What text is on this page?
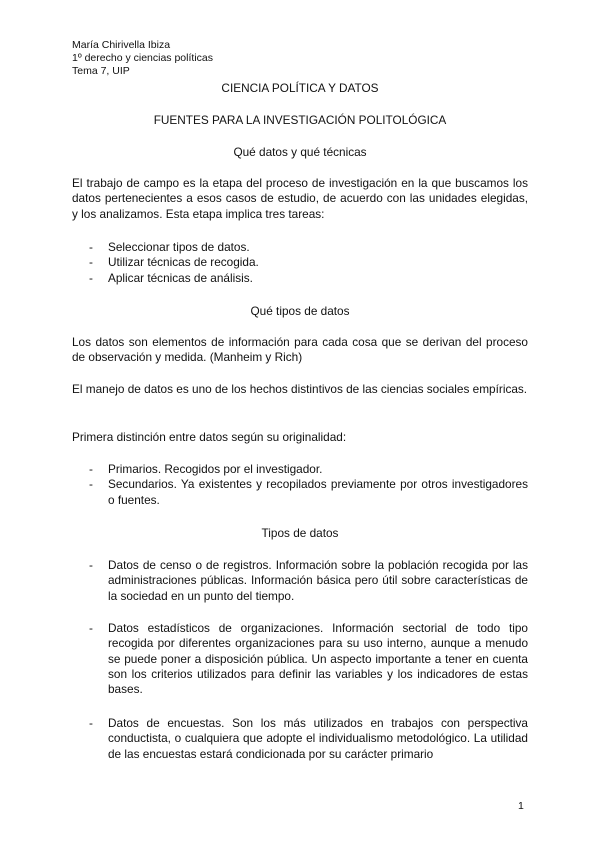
María Chirivella Ibiza
1º derecho y ciencias políticas
Tema 7, UIP
CIENCIA POLÍTICA Y DATOS
FUENTES PARA LA INVESTIGACIÓN POLITOLÓGICA
Qué datos y qué técnicas

El trabajo de campo es la etapa del proceso de investigación en la que buscamos los datos pertenecientes a esos casos de estudio, de acuerdo con las unidades elegidas, y los analizamos. Esta etapa implica tres tareas:

- Seleccionar tipos de datos.
- Utilizar técnicas de recogida.
- Aplicar técnicas de análisis.
Qué tipos de datos

Los datos son elementos de información para cada cosa que se derivan del proceso de observación y medida. (Manheim y Rich)

El manejo de datos es uno de los hechos distintivos de las ciencias sociales empíricas.

Primera distinción entre datos según su originalidad:

- Primarios. Recogidos por el investigador.
- Secundarios. Ya existentes y recopilados previamente por otros investigadores o fuentes.
Tipos de datos
- Datos de censo o de registros. Información sobre la población recogida por las administraciones públicas. Información básica pero útil sobre características de la sociedad en un punto del tiempo.
- Datos estadísticos de organizaciones. Información sectorial de todo tipo recogida por diferentes organizaciones para su uso interno, aunque a menudo se puede poner a disposición pública. Un aspecto importante a tener en cuenta son los criterios utilizados para definir las variables y los indicadores de estas bases.
- Datos de encuestas. Son los más utilizados en trabajos con perspectiva conductista, o cualquiera que adopte el individualismo metodológico. La utilidad de las encuestas estará condicionada por su carácter primario
1
